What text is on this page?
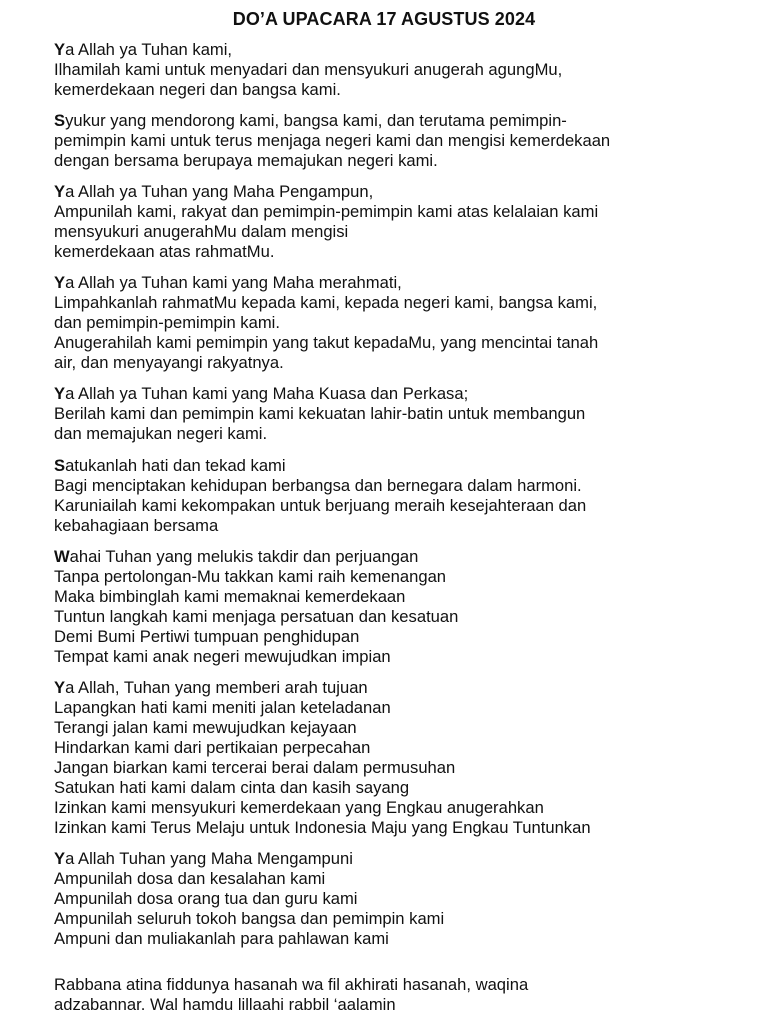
DO’A UPACARA 17 AGUSTUS 2024
Ya Allah ya Tuhan kami,
Ilhamilah kami untuk menyadari dan mensyukuri anugerah agungMu,
kemerdekaan negeri dan bangsa kami.
Syukur yang mendorong kami, bangsa kami, dan terutama pemimpin-
pemimpin kami untuk terus menjaga negeri kami dan mengisi kemerdekaan
dengan bersama berupaya memajukan negeri kami.
Ya Allah ya Tuhan yang Maha Pengampun,
Ampunilah kami, rakyat dan pemimpin-pemimpin kami atas kelalaian kami
mensyukuri anugerahMu dalam mengisi
kemerdekaan atas rahmatMu.
Ya Allah ya Tuhan kami yang Maha merahmati,
Limpahkanlah rahmatMu kepada kami, kepada negeri kami, bangsa kami,
dan pemimpin-pemimpin kami.
Anugerahilah kami pemimpin yang takut kepadaMu, yang mencintai tanah
air, dan menyayangi rakyatnya.
Ya Allah ya Tuhan kami yang Maha Kuasa dan Perkasa;
Berilah kami dan pemimpin kami kekuatan lahir-batin untuk membangun
dan memajukan negeri kami.
Satukanlah hati dan tekad kami
Bagi menciptakan kehidupan berbangsa dan bernegara dalam harmoni.
Karuniailah kami kekompakan untuk berjuang meraih kesejahteraan dan
kebahagiaan bersama
Wahai Tuhan yang melukis takdir dan perjuangan
Tanpa pertolongan-Mu takkan kami raih kemenangan
Maka bimbinglah kami memaknai kemerdekaan
Tuntun langkah kami menjaga persatuan dan kesatuan
Demi Bumi Pertiwi tumpuan penghidupan
Tempat kami anak negeri mewujudkan impian
Ya Allah, Tuhan yang memberi arah tujuan
Lapangkan hati kami meniti jalan keteladanan
Terangi jalan kami mewujudkan kejayaan
Hindarkan kami dari pertikaian perpecahan
Jangan biarkan kami tercerai berai dalam permusuhan
Satukan hati kami dalam cinta dan kasih sayang
Izinkan kami mensyukuri kemerdekaan yang Engkau anugerahkan
Izinkan kami Terus Melaju untuk Indonesia Maju yang Engkau Tuntunkan
Ya Allah Tuhan yang Maha Mengampuni
Ampunilah dosa dan kesalahan kami
Ampunilah dosa orang tua dan guru kami
Ampunilah seluruh tokoh bangsa dan pemimpin kami
Ampuni dan muliakanlah para pahlawan kami
Rabbana atina fiddunya hasanah wa fil akhirati hasanah, waqina
adzabannar. Wal hamdu lillaahi rabbil ‘aalamin
